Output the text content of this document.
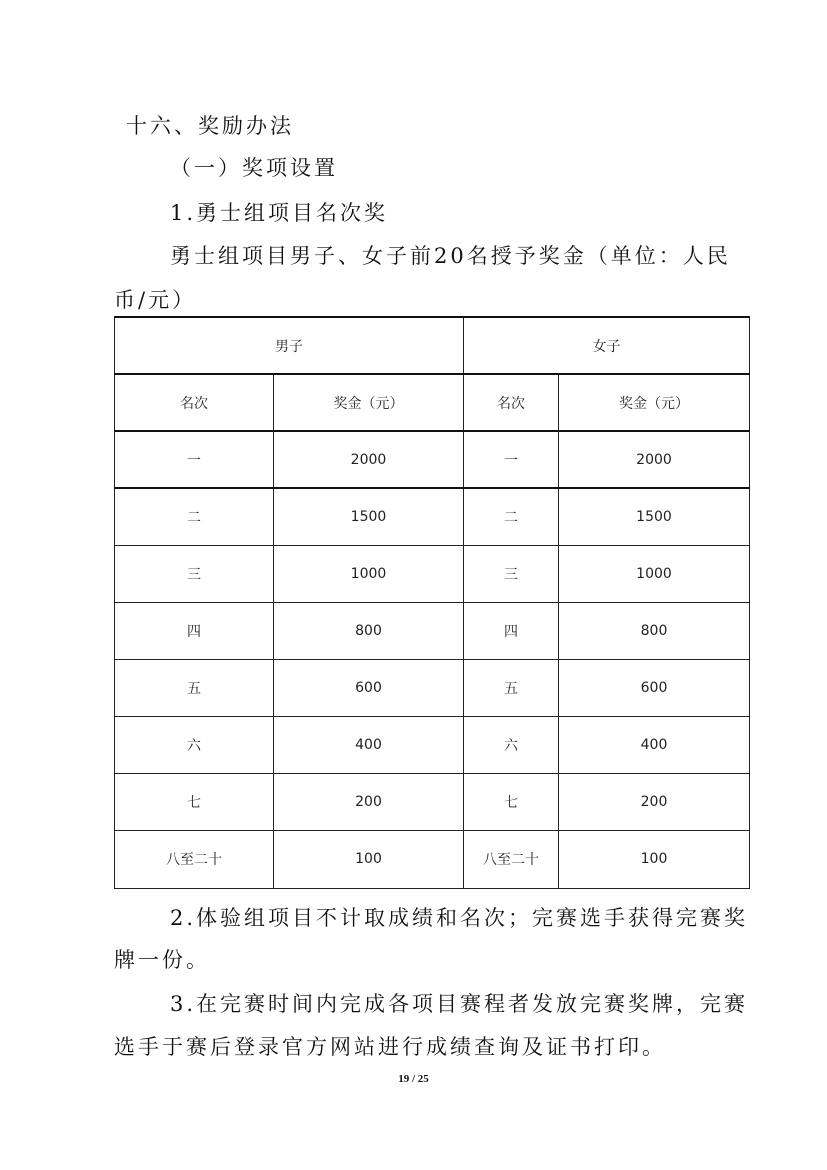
十六、奖励办法
（一）奖项设置
1.勇士组项目名次奖
勇士组项目男子、女子前20名授予奖金（单位：人民
币/元）
男子		女子	
名次	奖金（元）	名次	奖金（元）
一	2000	一	2000
二	1500	二	1500
三	1000	三	1000
四	800	四	800
五	600	五	600
六	400	六	400
七	200	七	200
八至二十	100	八至二十	100
2.体验组项目不计取成绩和名次；完赛选手获得完赛奖
牌一份。
3.在完赛时间内完成各项目赛程者发放完赛奖牌，完赛
选手于赛后登录官方网站进行成绩查询及证书打印。
19 / 25
